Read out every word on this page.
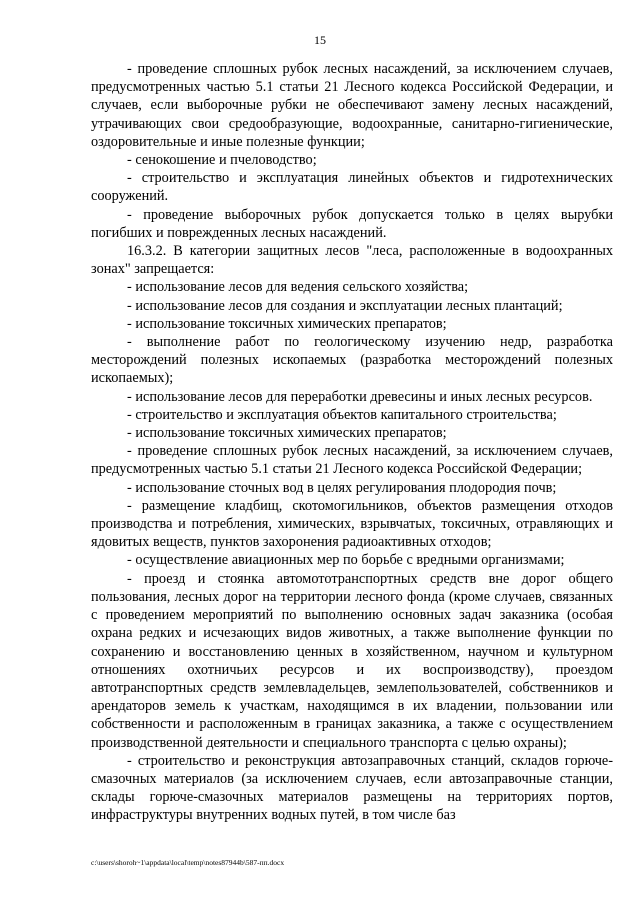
15

- проведение сплошных рубок лесных насаждений, за исключением случаев, предусмотренных частью 5.1 статьи 21 Лесного кодекса Российской Федерации, и случаев, если выборочные рубки не обеспечивают замену лесных насаждений, утрачивающих свои средообразующие, водоохранные, санитарно-гигиенические, оздоровительные и иные полезные функции;

- сенокошение и пчеловодство;

- строительство и эксплуатация линейных объектов и гидротехнических сооружений.

- проведение выборочных рубок допускается только в целях вырубки погибших и поврежденных лесных насаждений.

16.3.2. В категории защитных лесов "леса, расположенные в водоохранных зонах" запрещается:

- использование лесов для ведения сельского хозяйства;

- использование лесов для создания и эксплуатации лесных плантаций;

- использование токсичных химических препаратов;

- выполнение работ по геологическому изучению недр, разработка месторождений полезных ископаемых (разработка месторождений полезных ископаемых);

- использование лесов для переработки древесины и иных лесных ресурсов.

- строительство и эксплуатация объектов капитального строительства;

- использование токсичных химических препаратов;

- проведение сплошных рубок лесных насаждений, за исключением случаев, предусмотренных частью 5.1 статьи 21 Лесного кодекса Российской Федерации;

- использование сточных вод в целях регулирования плодородия почв;

- размещение кладбищ, скотомогильников, объектов размещения отходов производства и потребления, химических, взрывчатых, токсичных, отравляющих и ядовитых веществ, пунктов захоронения радиоактивных отходов;

- осуществление авиационных мер по борьбе с вредными организмами;

- проезд и стоянка автомототранспортных средств вне дорог общего пользования, лесных дорог на территории лесного фонда (кроме случаев, связанных с проведением мероприятий по выполнению основных задач заказника (особая охрана редких и исчезающих видов животных, а также выполнение функции по сохранению и восстановлению ценных в хозяйственном, научном и культурном отношениях охотничьих ресурсов и их воспроизводству), проездом автотранспортных средств землевладельцев, землепользователей, собственников и арендаторов земель к участкам, находящимся в их владении, пользовании или собственности и расположенным в границах заказника, а также с осуществлением производственной деятельности и специального транспорта с целью охраны);

- строительство и реконструкция автозаправочных станций, складов горюче-смазочных материалов (за исключением случаев, если автозаправочные станции, склады горюче-смазочных материалов размещены на территориях портов, инфраструктуры внутренних водных путей, в том числе баз

c:\users\shoroh~1\appdata\local\temp\notes87944b\587-пп.docx
